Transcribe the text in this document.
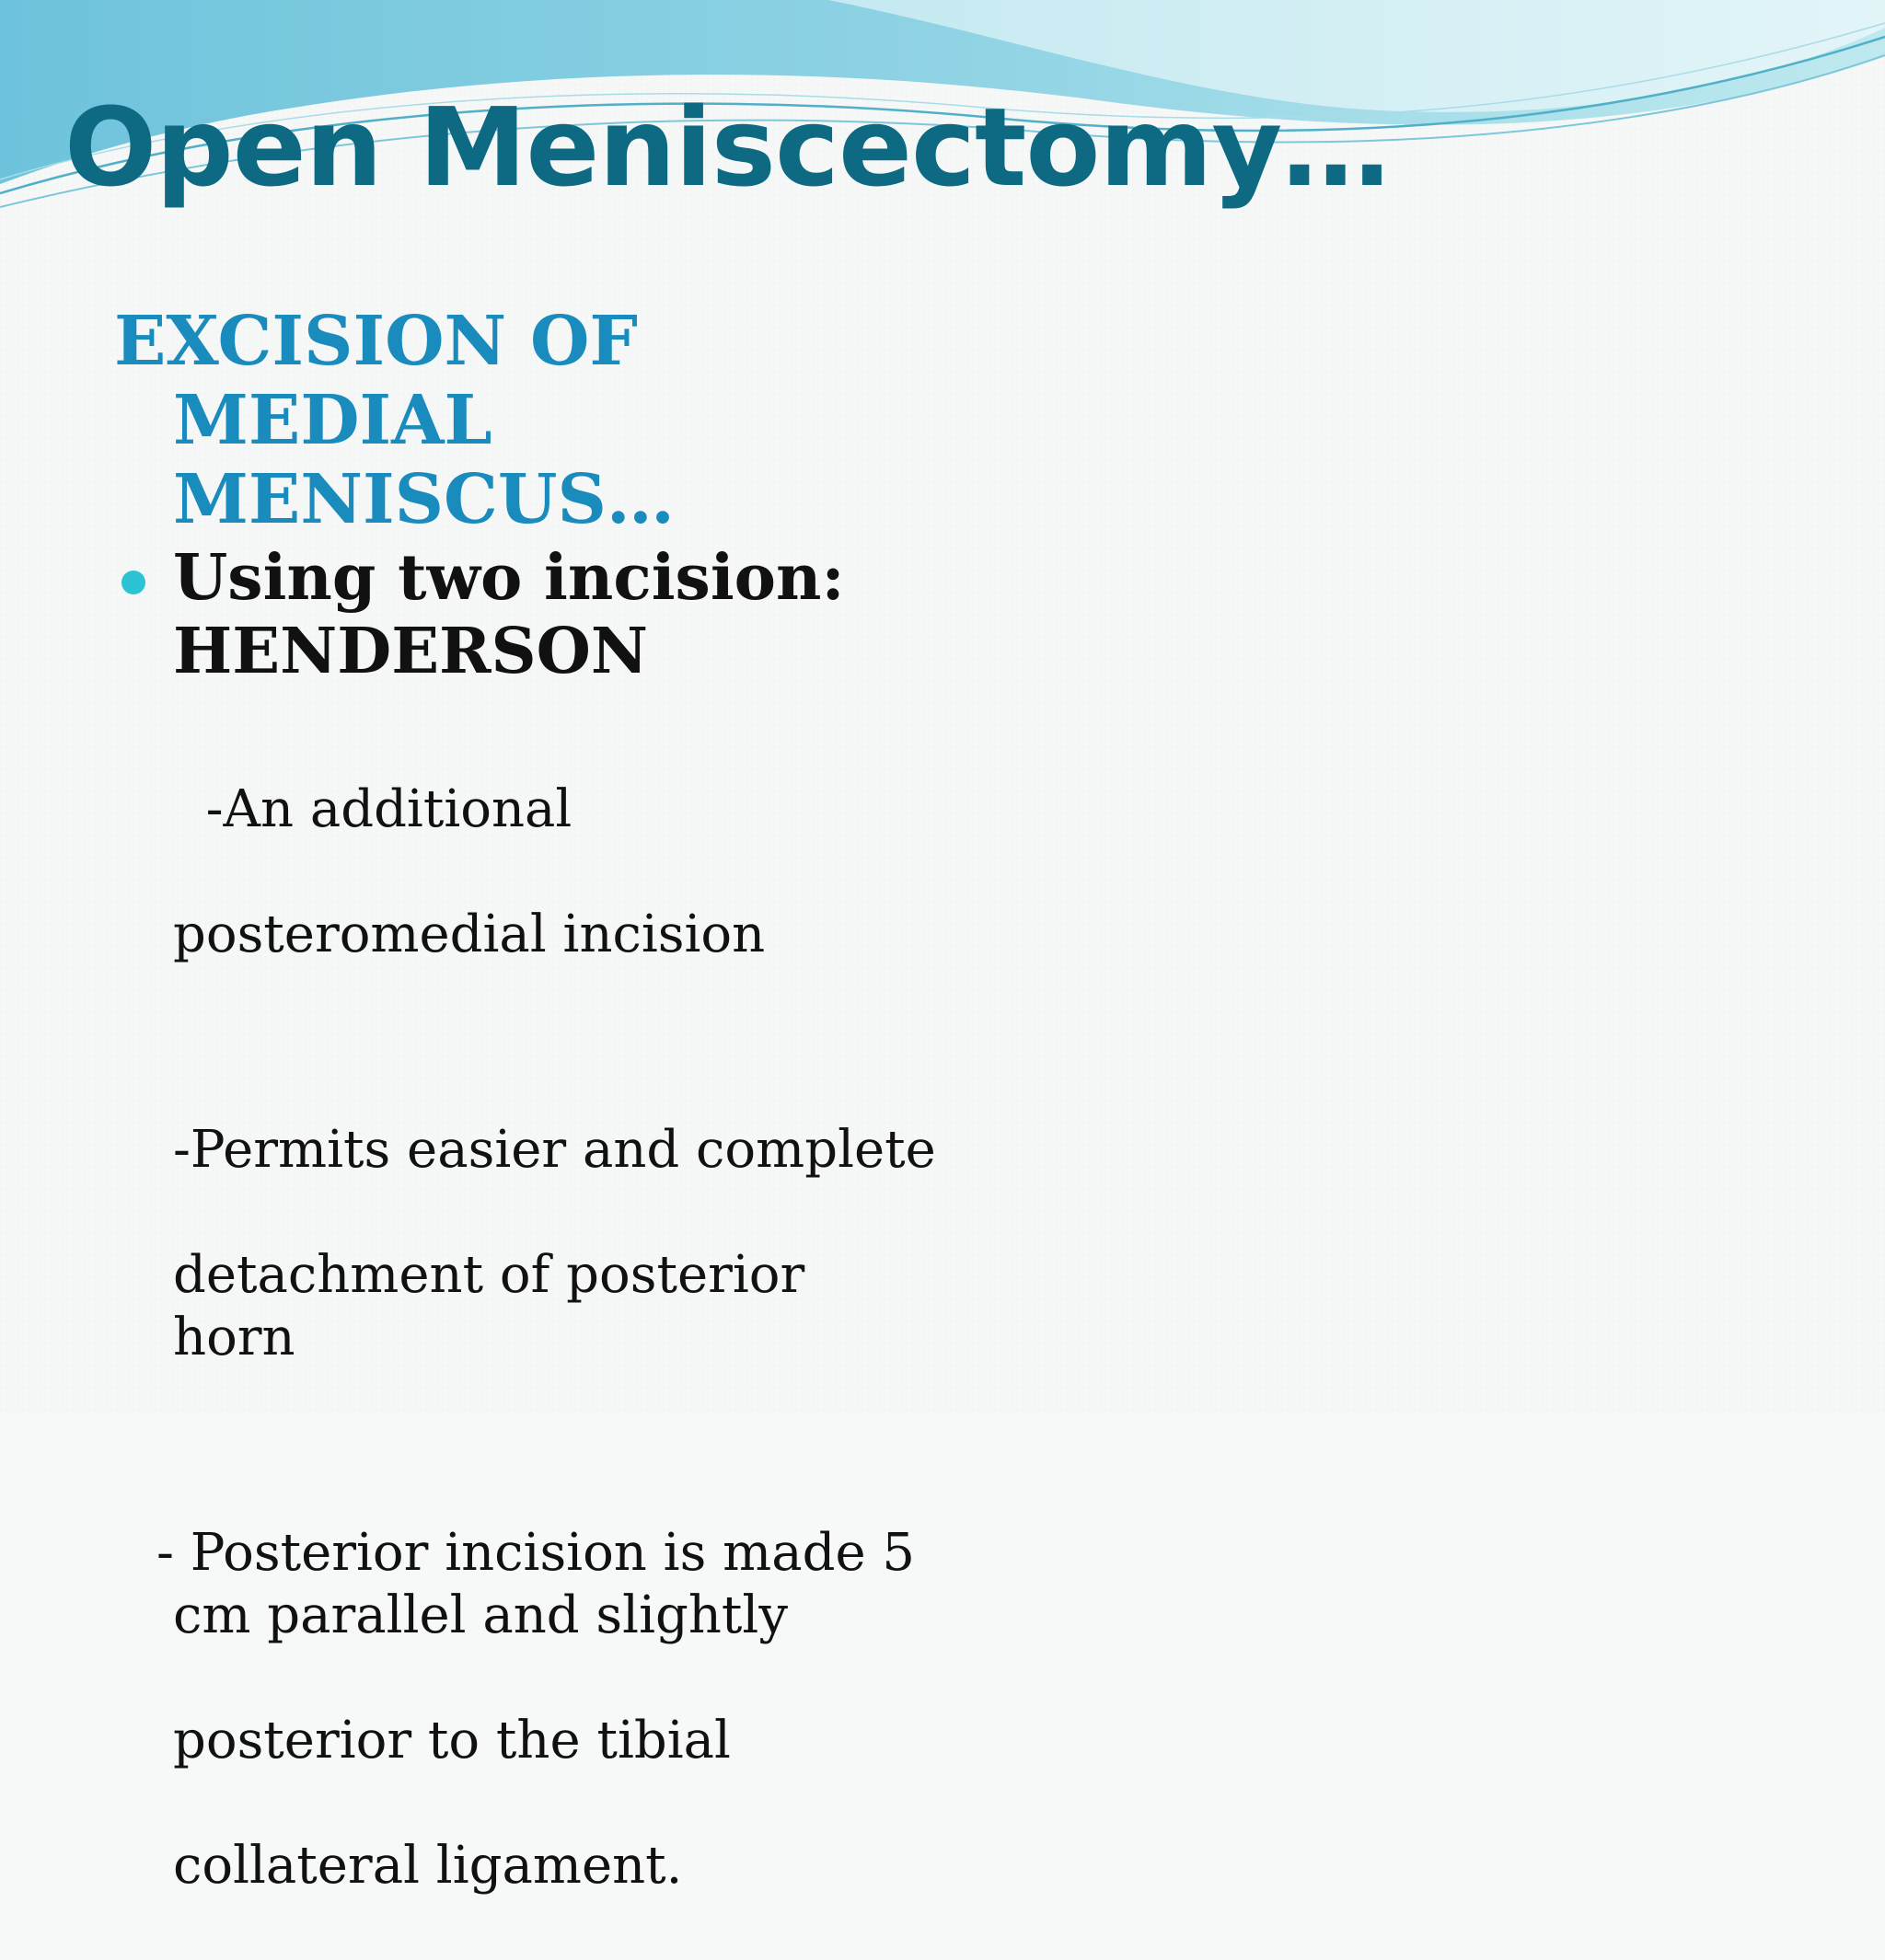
Open Meniscectomy…

EXCISION OF MEDIAL MENISCUS…

Using two incision:
HENDERSON

-An additional

posteromedial incision

-Permits easier and complete

detachment of posterior horn

- Posterior incision is made 5

cm parallel and slightly

posterior to the tibial

collateral ligament.
